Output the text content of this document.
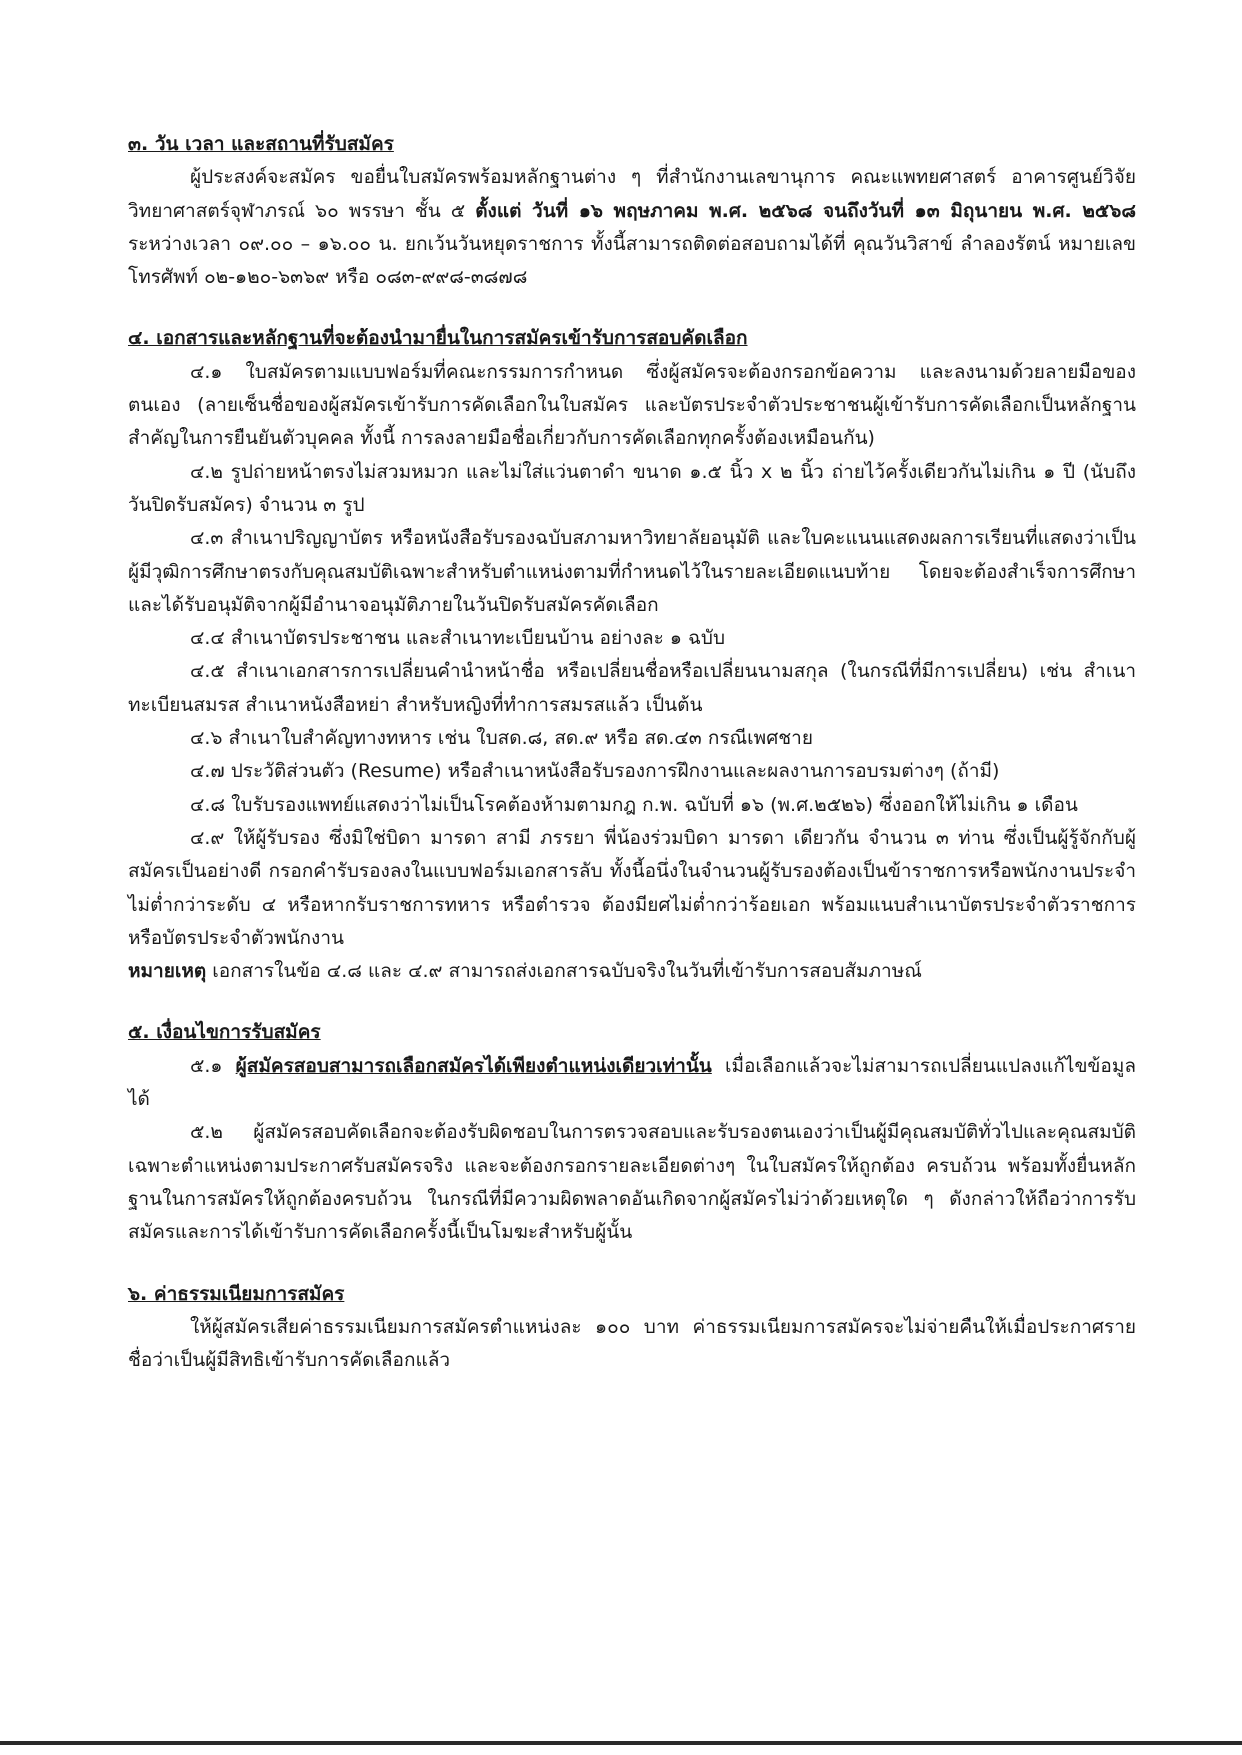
๓. วัน เวลา และสถานที่รับสมัคร

ผู้ประสงค์จะสมัคร ขอยื่นใบสมัครพร้อมหลักฐานต่าง ๆ ที่สำนักงานเลขานุการ คณะแพทยศาสตร์ อาคารศูนย์วิจัยวิทยาศาสตร์จุฬาภรณ์ ๖๐ พรรษา ชั้น ๕ ตั้งแต่ วันที่ ๑๖ พฤษภาคม พ.ศ. ๒๕๖๘ จนถึงวันที่ ๑๓ มิถุนายน พ.ศ. ๒๕๖๘ ระหว่างเวลา ๐๙.๐๐ – ๑๖.๐๐ น. ยกเว้นวันหยุดราชการ ทั้งนี้สามารถติดต่อสอบถามได้ที่ คุณวันวิสาข์ ลำลองรัตน์ หมายเลขโทรศัพท์ ๐๒-๑๒๐-๖๓๖๙ หรือ ๐๘๓-๙๙๘-๓๘๗๘

๔. เอกสารและหลักฐานที่จะต้องนำมายื่นในการสมัครเข้ารับการสอบคัดเลือก

๔.๑ ใบสมัครตามแบบฟอร์มที่คณะกรรมการกำหนด ซึ่งผู้สมัครจะต้องกรอกข้อความ และลงนามด้วยลายมือของตนเอง (ลายเซ็นชื่อของผู้สมัครเข้ารับการคัดเลือกในใบสมัคร และบัตรประจำตัวประชาชนผู้เข้ารับการคัดเลือกเป็นหลักฐานสำคัญในการยืนยันตัวบุคคล ทั้งนี้ การลงลายมือชื่อเกี่ยวกับการคัดเลือกทุกครั้งต้องเหมือนกัน)

๔.๒ รูปถ่ายหน้าตรงไม่สวมหมวก และไม่ใส่แว่นตาดำ ขนาด ๑.๕ นิ้ว x ๒ นิ้ว ถ่ายไว้ครั้งเดียวกันไม่เกิน ๑ ปี (นับถึงวันปิดรับสมัคร) จำนวน ๓ รูป

๔.๓ สำเนาปริญญาบัตร หรือหนังสือรับรองฉบับสภามหาวิทยาลัยอนุมัติ และใบคะแนนแสดงผลการเรียนที่แสดงว่าเป็นผู้มีวุฒิการศึกษาตรงกับคุณสมบัติเฉพาะสำหรับตำแหน่งตามที่กำหนดไว้ในรายละเอียดแนบท้าย โดยจะต้องสำเร็จการศึกษาและได้รับอนุมัติจากผู้มีอำนาจอนุมัติภายในวันปิดรับสมัครคัดเลือก

๔.๔ สำเนาบัตรประชาชน และสำเนาทะเบียนบ้าน อย่างละ ๑ ฉบับ

๔.๕ สำเนาเอกสารการเปลี่ยนคำนำหน้าชื่อ หรือเปลี่ยนชื่อหรือเปลี่ยนนามสกุล (ในกรณีที่มีการเปลี่ยน) เช่น สำเนาทะเบียนสมรส สำเนาหนังสือหย่า สำหรับหญิงที่ทำการสมรสแล้ว เป็นต้น

๔.๖ สำเนาใบสำคัญทางทหาร เช่น ใบสด.๘, สด.๙ หรือ สด.๔๓ กรณีเพศชาย

๔.๗ ประวัติส่วนตัว (Resume) หรือสำเนาหนังสือรับรองการฝึกงานและผลงานการอบรมต่างๆ (ถ้ามี)

๔.๘ ใบรับรองแพทย์แสดงว่าไม่เป็นโรคต้องห้ามตามกฎ ก.พ. ฉบับที่ ๑๖ (พ.ศ.๒๕๒๖) ซึ่งออกให้ไม่เกิน ๑ เดือน

๔.๙ ให้ผู้รับรอง ซึ่งมิใช่บิดา มารดา สามี ภรรยา พี่น้องร่วมบิดา มารดา เดียวกัน จำนวน ๓ ท่าน ซึ่งเป็นผู้รู้จักกับผู้สมัครเป็นอย่างดี กรอกคำรับรองลงในแบบฟอร์มเอกสารลับ ทั้งนี้อนึ่งในจำนวนผู้รับรองต้องเป็นข้าราชการหรือพนักงานประจำ ไม่ต่ำกว่าระดับ ๔ หรือหากรับราชการทหาร หรือตำรวจ ต้องมียศไม่ต่ำกว่าร้อยเอก พร้อมแนบสำเนาบัตรประจำตัวราชการหรือบัตรประจำตัวพนักงาน

หมายเหตุ เอกสารในข้อ ๔.๘ และ ๔.๙ สามารถส่งเอกสารฉบับจริงในวันที่เข้ารับการสอบสัมภาษณ์

๕. เงื่อนไขการรับสมัคร

๕.๑ ผู้สมัครสอบสามารถเลือกสมัครได้เพียงตำแหน่งเดียวเท่านั้น เมื่อเลือกแล้วจะไม่สามารถเปลี่ยนแปลงแก้ไขข้อมูลได้

๕.๒ ผู้สมัครสอบคัดเลือกจะต้องรับผิดชอบในการตรวจสอบและรับรองตนเองว่าเป็นผู้มีคุณสมบัติทั่วไปและคุณสมบัติเฉพาะตำแหน่งตามประกาศรับสมัครจริง และจะต้องกรอกรายละเอียดต่างๆ ในใบสมัครให้ถูกต้อง ครบถ้วน พร้อมทั้งยื่นหลักฐานในการสมัครให้ถูกต้องครบถ้วน ในกรณีที่มีความผิดพลาดอันเกิดจากผู้สมัครไม่ว่าด้วยเหตุใด ๆ ดังกล่าวให้ถือว่าการรับสมัครและการได้เข้ารับการคัดเลือกครั้งนี้เป็นโมฆะสำหรับผู้นั้น

๖. ค่าธรรมเนียมการสมัคร

ให้ผู้สมัครเสียค่าธรรมเนียมการสมัครตำแหน่งละ ๑๐๐ บาท ค่าธรรมเนียมการสมัครจะไม่จ่ายคืนให้เมื่อประกาศรายชื่อว่าเป็นผู้มีสิทธิเข้ารับการคัดเลือกแล้ว
